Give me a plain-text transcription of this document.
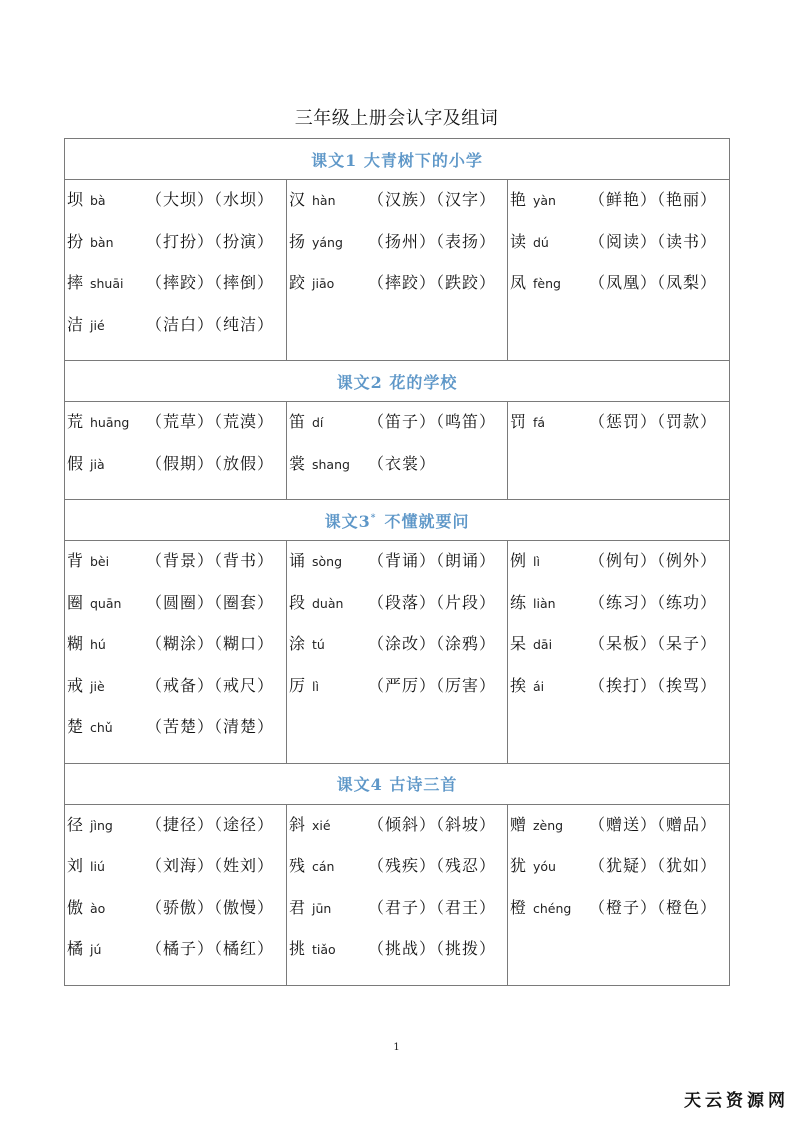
三年级上册会认字及组词
课文1 大青树下的小学		

坝 bà	（大坝）（水坝）
扮 bàn	（打扮）（扮演）
摔 shuāi	（摔跤）（摔倒）
洁 jié	（洁白）（纯洁）

汉 hàn	（汉族）（汉字）
扬 yáng	（扬州）（表扬）
跤 jiāo	（摔跤）（跌跤）

艳 yàn	（鲜艳）（艳丽）
读 dú	（阅读）（读书）
凤 fèng	（凤凰）（凤梨）

课文2 花的学校		

荒 huāng	（荒草）（荒漠）
假 jià	（假期）（放假）

笛 dí	（笛子）（鸣笛）
裳 shang	（衣裳）

罚 fá	（惩罚）（罚款）

课文3* 不懂就要问		

背 bèi	（背景）（背书）
圈 quān	（圆圈）（圈套）
糊 hú	（糊涂）（糊口）
戒 jiè	（戒备）（戒尺）
楚 chǔ	（苦楚）（清楚）

诵 sòng	（背诵）（朗诵）
段 duàn	（段落）（片段）
涂 tú	（涂改）（涂鸦）
厉 lì	（严厉）（厉害）

例 lì	（例句）（例外）
练 liàn	（练习）（练功）
呆 dāi	（呆板）（呆子）
挨 ái	（挨打）（挨骂）

课文4 古诗三首		

径 jìng	（捷径）（途径）
刘 liú	（刘海）（姓刘）
傲 ào	（骄傲）（傲慢）
橘 jú	（橘子）（橘红）

斜 xié	（倾斜）（斜坡）
残 cán	（残疾）（残忍）
君 jūn	（君子）（君王）
挑 tiǎo	（挑战）（挑拨）

赠 zèng	（赠送）（赠品）
犹 yóu	（犹疑）（犹如）
橙 chéng	（橙子）（橙色）
1
天云资源网
